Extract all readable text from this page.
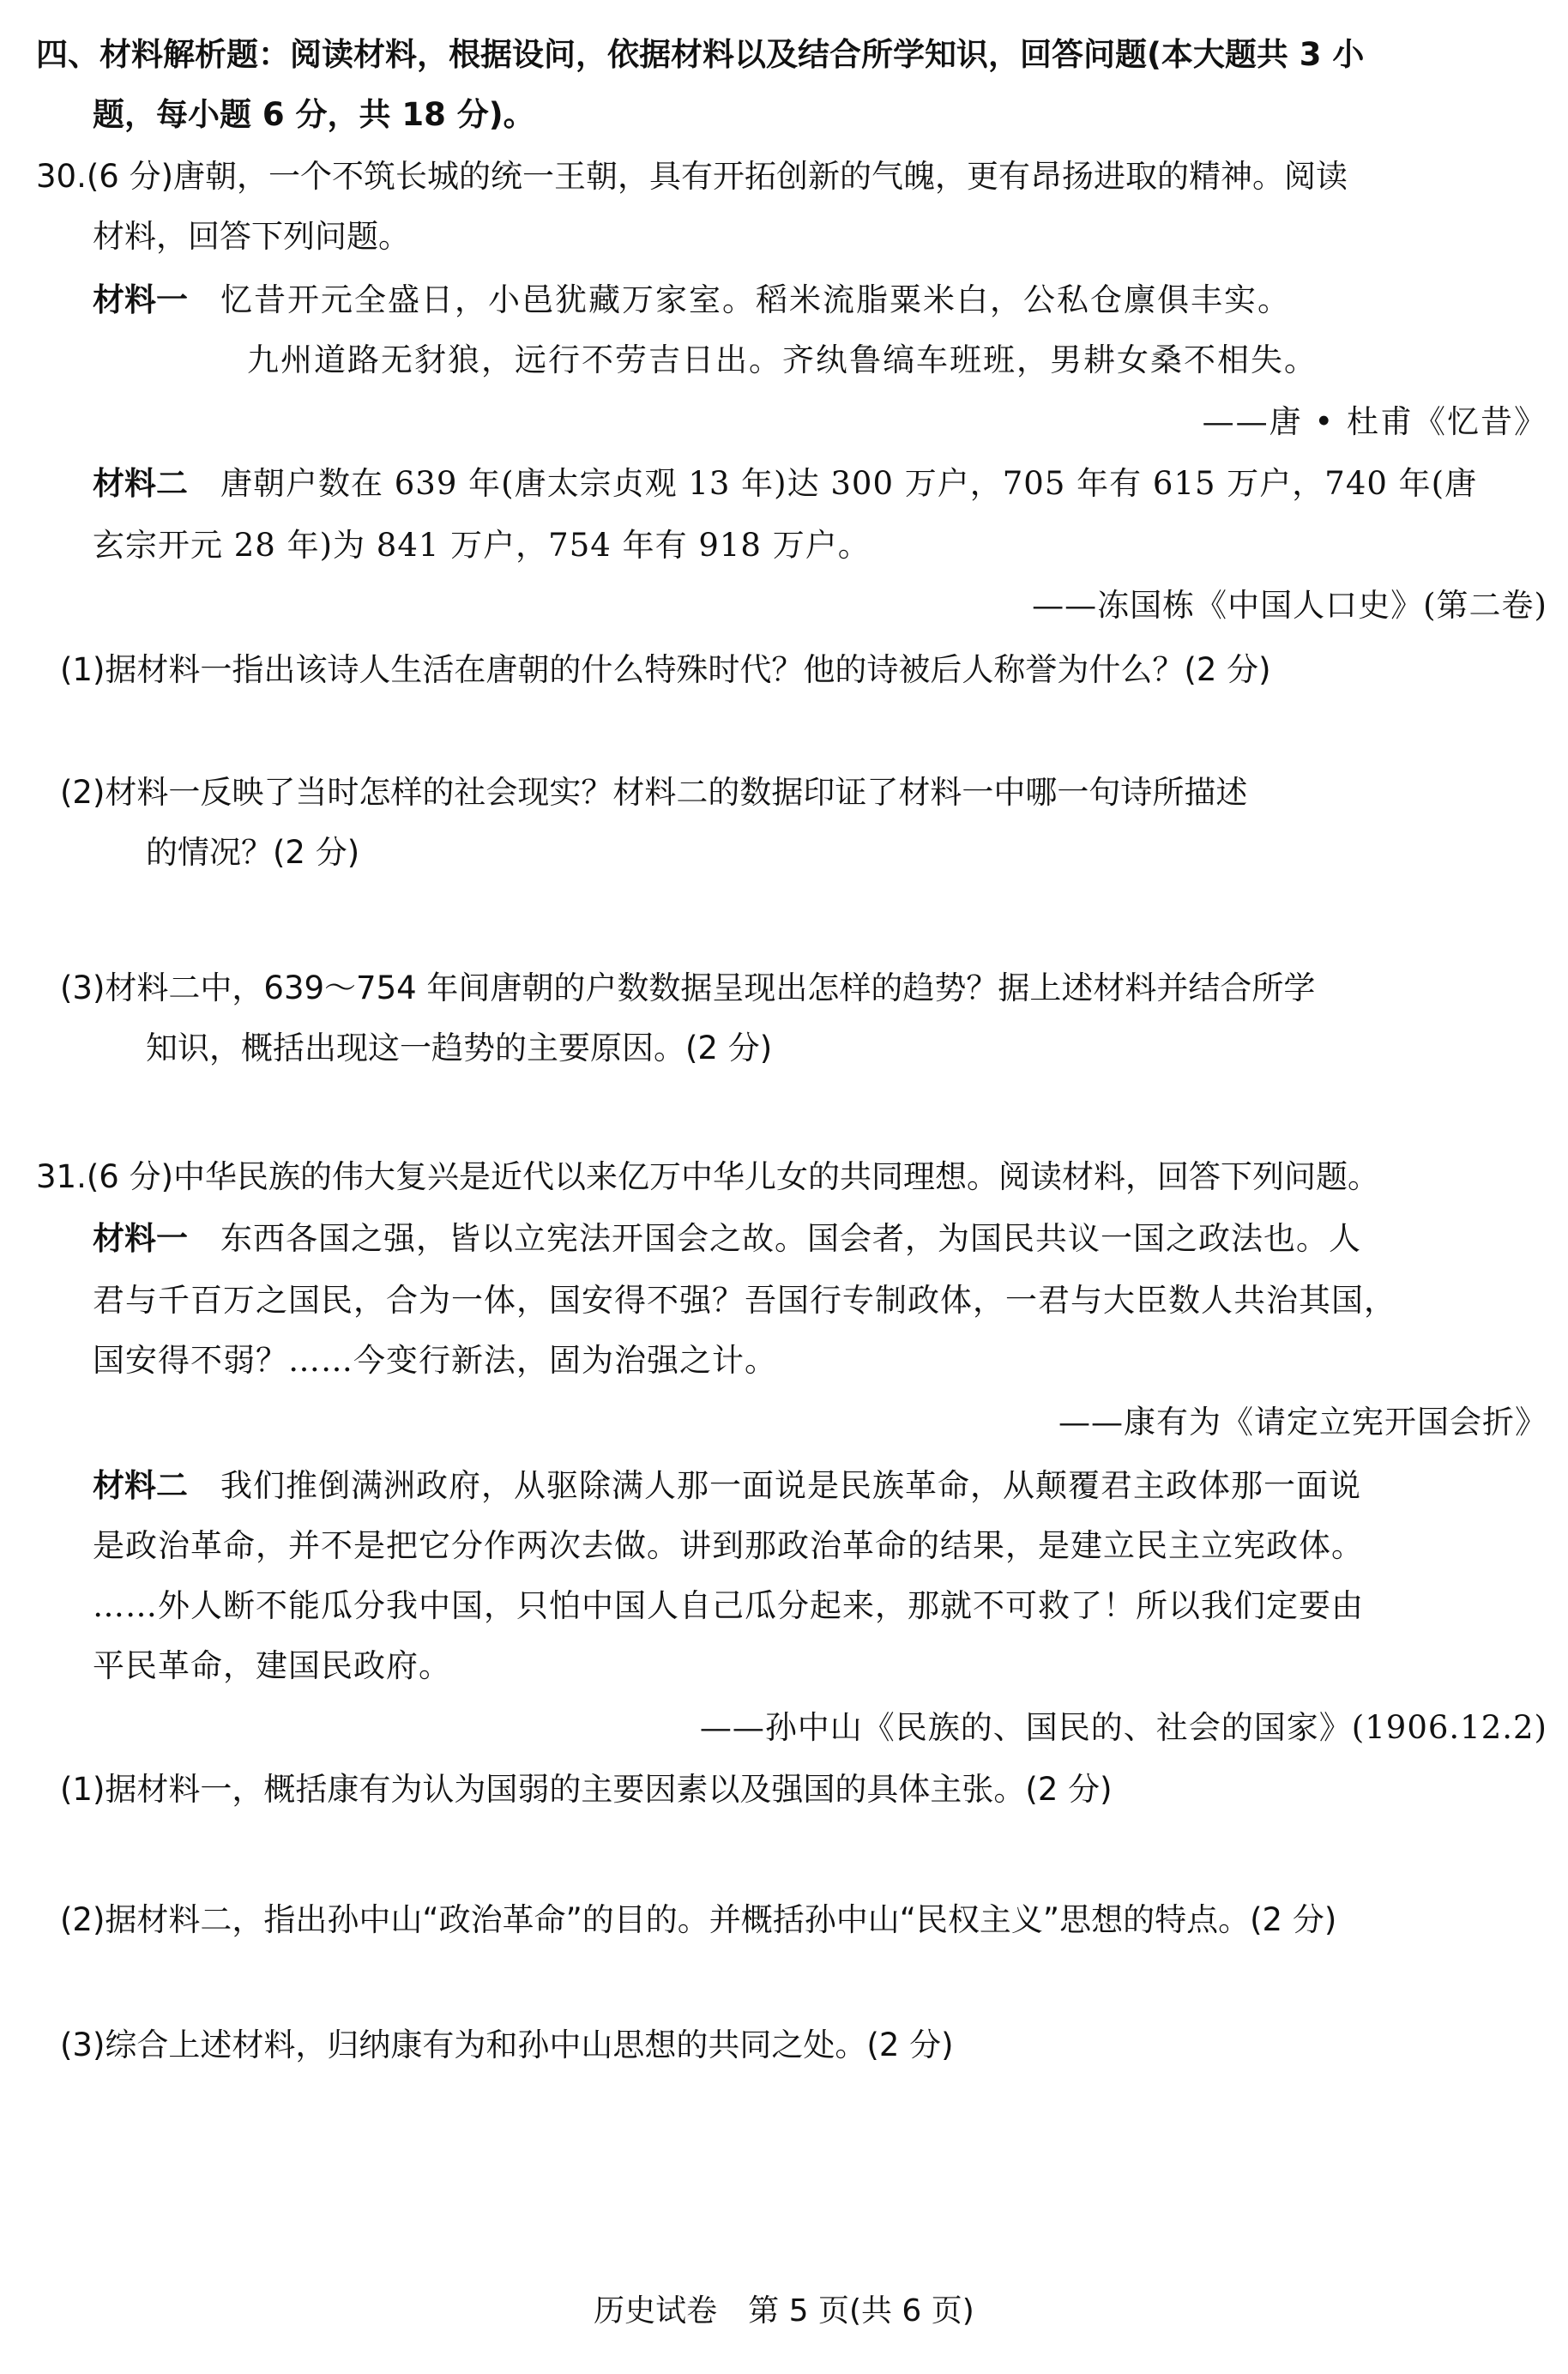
四、材料解析题：阅读材料，根据设问，依据材料以及结合所学知识，回答问题(本大题共 3 小
题，每小题 6 分，共 18 分)。
30.(6 分)唐朝，一个不筑长城的统一王朝，具有开拓创新的气魄，更有昂扬进取的精神。阅读
材料，回答下列问题。
材料一 忆昔开元全盛日，小邑犹藏万家室。稻米流脂粟米白，公私仓廪俱丰实。
九州道路无豺狼，远行不劳吉日出。齐纨鲁缟车班班，男耕女桑不相失。
——唐 • 杜甫《忆昔》
材料二 唐朝户数在 639 年(唐太宗贞观 13 年)达 300 万户，705 年有 615 万户，740 年(唐
玄宗开元 28 年)为 841 万户，754 年有 918 万户。
——冻国栋《中国人口史》(第二卷)
(1)据材料一指出该诗人生活在唐朝的什么特殊时代？他的诗被后人称誉为什么？(2 分)
(2)材料一反映了当时怎样的社会现实？材料二的数据印证了材料一中哪一句诗所描述
的情况？(2 分)
(3)材料二中，639～754 年间唐朝的户数数据呈现出怎样的趋势？据上述材料并结合所学
知识，概括出现这一趋势的主要原因。(2 分)
31.(6 分)中华民族的伟大复兴是近代以来亿万中华儿女的共同理想。阅读材料，回答下列问题。
材料一 东西各国之强，皆以立宪法开国会之故。国会者，为国民共议一国之政法也。人
君与千百万之国民，合为一体，国安得不强？吾国行专制政体，一君与大臣数人共治其国，
国安得不弱？……今变行新法，固为治强之计。
——康有为《请定立宪开国会折》
材料二 我们推倒满洲政府，从驱除满人那一面说是民族革命，从颠覆君主政体那一面说
是政治革命，并不是把它分作两次去做。讲到那政治革命的结果，是建立民主立宪政体。
……外人断不能瓜分我中国，只怕中国人自己瓜分起来，那就不可救了！所以我们定要由
平民革命，建国民政府。
——孙中山《民族的、国民的、社会的国家》(1906.12.2)
(1)据材料一，概括康有为认为国弱的主要因素以及强国的具体主张。(2 分)
(2)据材料二，指出孙中山“政治革命”的目的。并概括孙中山“民权主义”思想的特点。(2 分)
(3)综合上述材料，归纳康有为和孙中山思想的共同之处。(2 分)
历史试卷　第 5 页(共 6 页)
